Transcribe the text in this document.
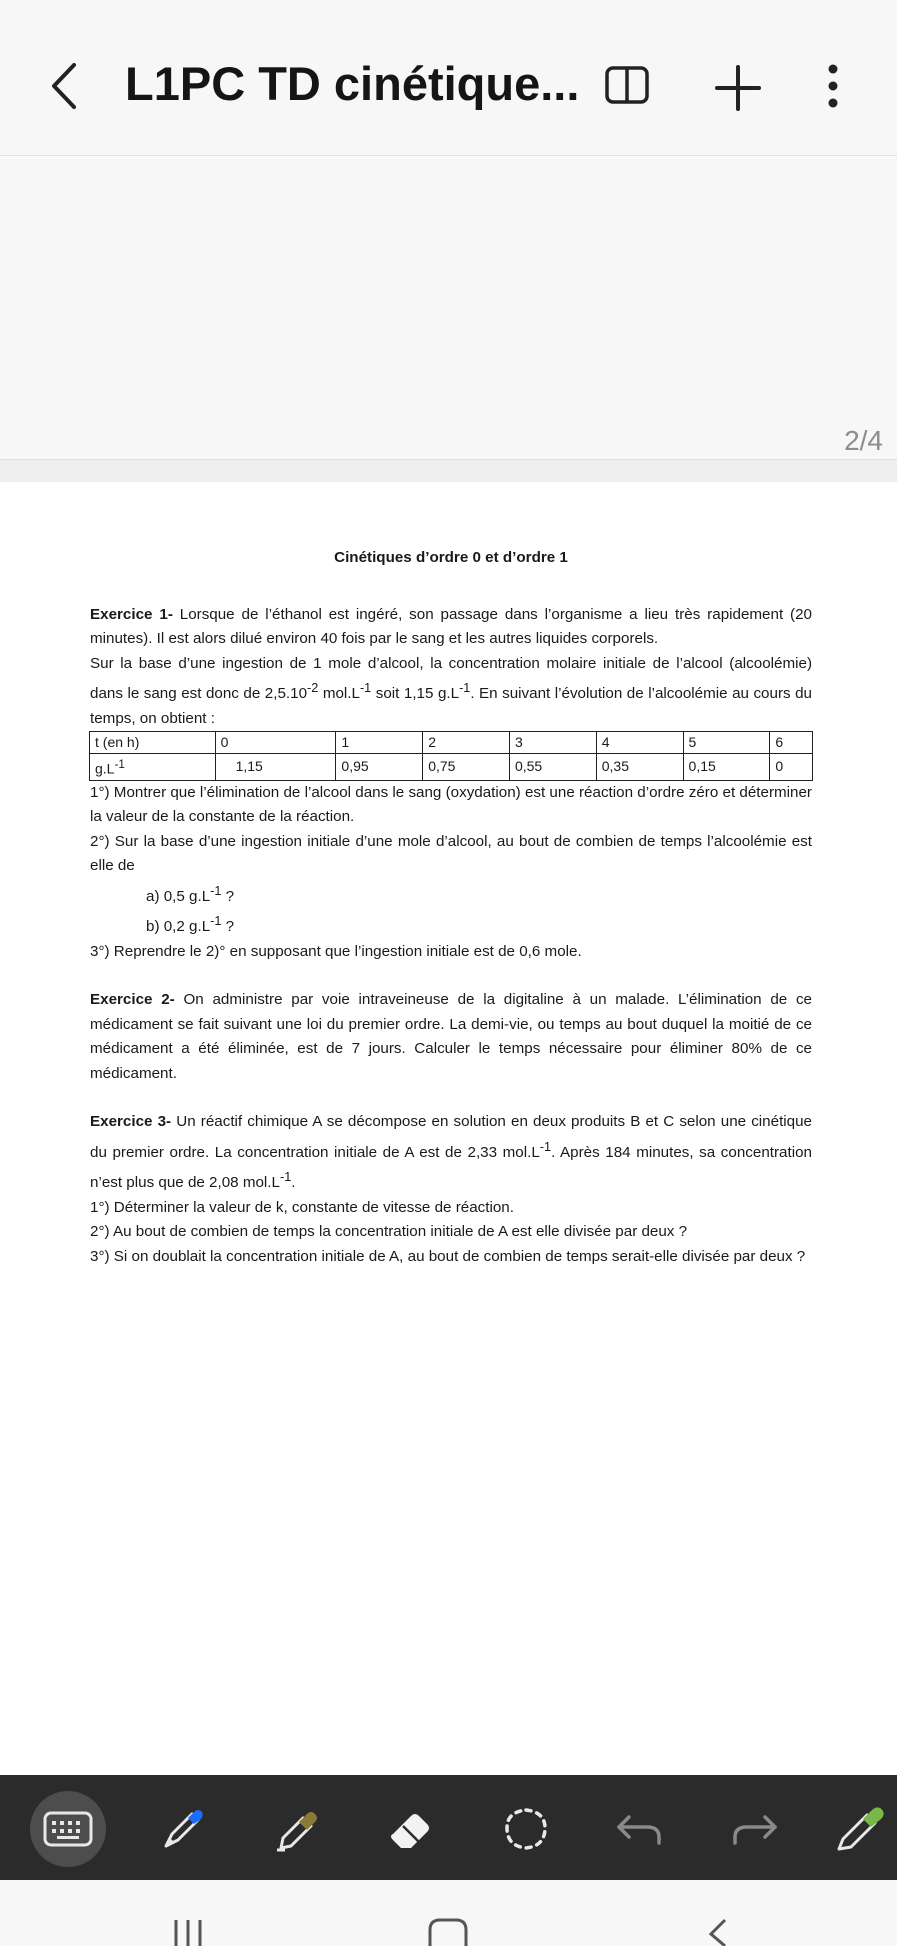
L1PC TD cinétique...
2/4

Cinétiques d’ordre 0 et d’ordre 1

Exercice 1- Lorsque de l’éthanol est ingéré, son passage dans l’organisme a lieu très rapidement (20 minutes). Il est alors dilué environ 40 fois par le sang et les autres liquides corporels.

Sur la base d’une ingestion de 1 mole d’alcool, la concentration molaire initiale de l’alcool (alcoolémie) dans le sang est donc de $2,5.10^{-2}$ $mol.L^{-1}$ soit 1,15 $g.L^{-1}$. En suivant l’évolution de l’alcoolémie au cours du temps, on obtient :

t (en h)	0	1	2	3	4	5	6
$g.L^{-1}$	1,15	0,95	0,75	0,55	0,35	0,15	0

1°) Montrer que l’élimination de l’alcool dans le sang (oxydation) est une réaction d’ordre zéro et déterminer la valeur de la constante de la réaction.

2°) Sur la base d’une ingestion initiale d’une mole d’alcool, au bout de combien de temps l’alcoolémie est elle de

a) 0,5 $g.L^{-1}$ ?

b) 0,2 $g.L^{-1}$ ?

3°) Reprendre le 2)° en supposant que l’ingestion initiale est de 0,6 mole.

Exercice 2- On administre par voie intraveineuse de la digitaline à un malade. L’élimination de ce médicament se fait suivant une loi du premier ordre. La demi-vie, ou temps au bout duquel la moitié de ce médicament a été éliminée, est de 7 jours. Calculer le temps nécessaire pour éliminer 80% de ce médicament.

Exercice 3- Un réactif chimique A se décompose en solution en deux produits B et C selon une cinétique du premier ordre. La concentration initiale de A est de 2,33 $mol.L^{-1}$. Après 184 minutes, sa concentration n’est plus que de 2,08 $mol.L^{-1}$.

1°) Déterminer la valeur de k, constante de vitesse de réaction.

2°) Au bout de combien de temps la concentration initiale de A est elle divisée par deux ?

3°) Si on doublait la concentration initiale de A, au bout de combien de temps serait-elle divisée par deux ?
